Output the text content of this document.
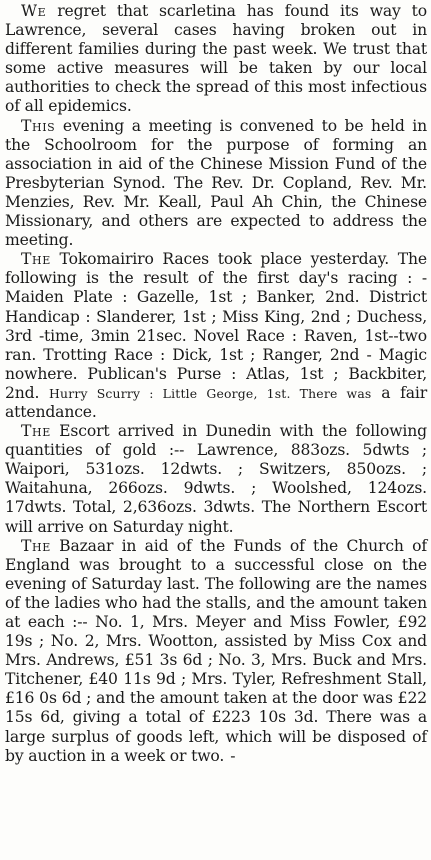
We regret that scarletina has found its way to Lawrence, several cases having broken out in different families during the past week. We trust that some active measures will be taken by our local authorities to check the spread of this most infectious of all epidemics.

This evening a meeting is convened to be held in the Schoolroom for the purpose of forming an association in aid of the Chinese Mission Fund of the Presbyterian Synod. The Rev. Dr. Copland, Rev. Mr. Menzies, Rev. Mr. Keall, Paul Ah Chin, the Chinese Missionary, and others are expected to address the meeting.

The Tokomairiro Races took place yesterday. The following is the result of the first day's racing : -Maiden Plate : Gazelle, 1st ; Banker, 2nd. District Handicap : Slanderer, 1st ; Miss King, 2nd ; Duchess, 3rd -time, 3min 21sec. Novel Race : Raven, 1st--two ran. Trotting Race : Dick, 1st ; Ranger, 2nd - Magic nowhere. Publican's Purse : Atlas, 1st ; Backbiter, 2nd. Hurry Scurry : Little George, 1st. There was a fair attendance.

The Escort arrived in Dunedin with the following quantities of gold :-- Lawrence, 883ozs. 5dwts ; Waipori, 531ozs. 12dwts. ; Switzers, 850ozs. ; Waitahuna, 266ozs. 9dwts. ; Woolshed, 124ozs. 17dwts. Total, 2,636ozs. 3dwts. The Northern Escort will arrive on Saturday night.

The Bazaar in aid of the Funds of the Church of England was brought to a successful close on the evening of Saturday last. The following are the names of the ladies who had the stalls, and the amount taken at each :-- No. 1, Mrs. Meyer and Miss Fowler, £92 19s ; No. 2, Mrs. Wootton, assisted by Miss Cox and Mrs. Andrews, £51 3s 6d ; No. 3, Mrs. Buck and Mrs. Titchener, £40 11s 9d ; Mrs. Tyler, Refreshment Stall, £16 0s 6d ; and the amount taken at the door was £22 15s 6d, giving a total of £223 10s 3d. There was a large surplus of goods left, which will be disposed of by auction in a week or two. -
